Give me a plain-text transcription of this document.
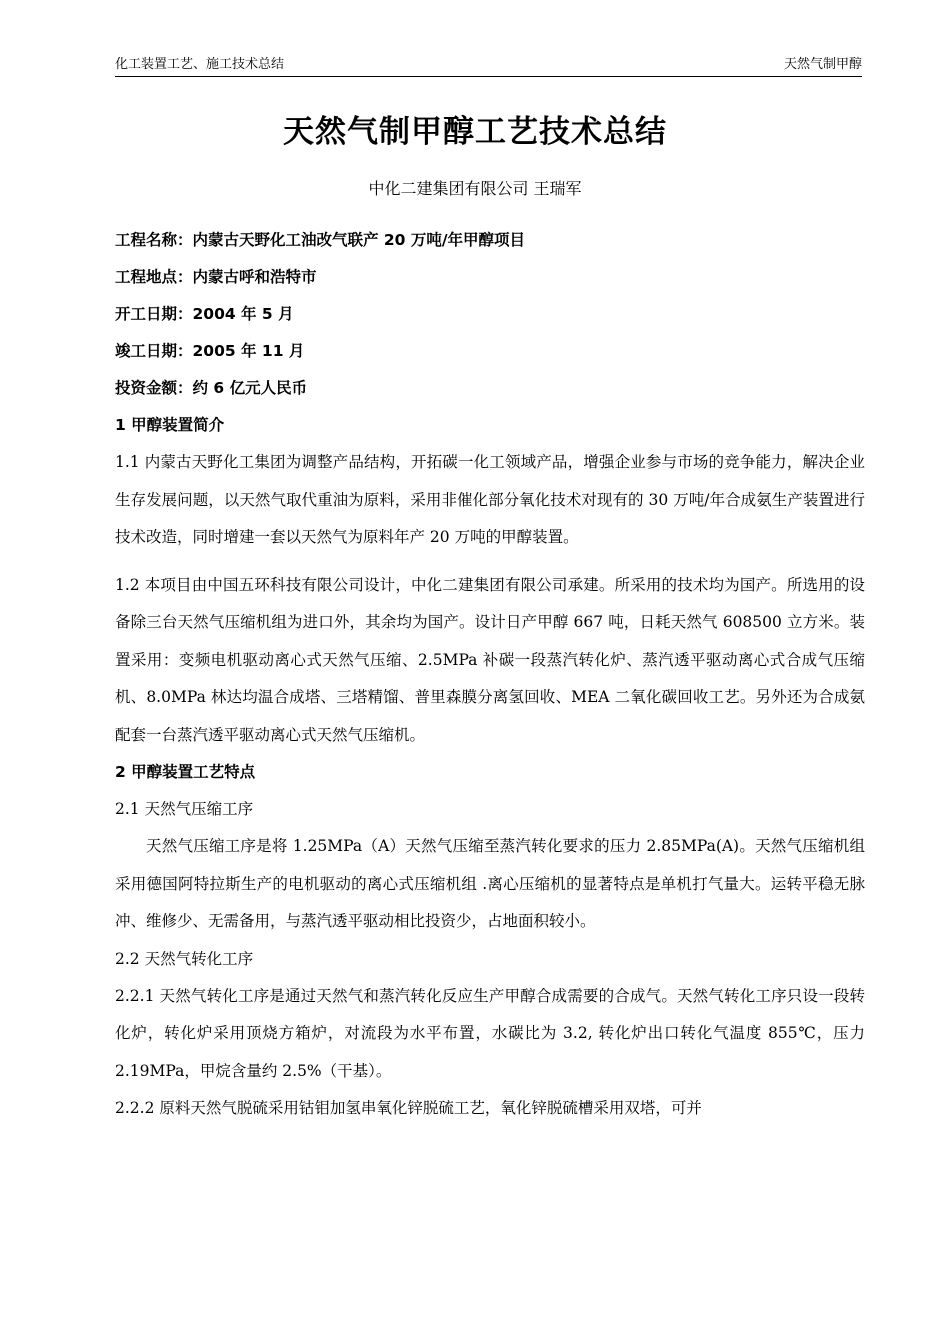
化工装置工艺、施工技术总结	天然气制甲醇
天然气制甲醇工艺技术总结
中化二建集团有限公司 王瑞军
工程名称：内蒙古天野化工油改气联产 20 万吨/年甲醇项目
工程地点：内蒙古呼和浩特市
开工日期：2004 年 5 月
竣工日期：2005 年 11 月
投资金额：约 6 亿元人民币
1 甲醇装置简介

1.1 内蒙古天野化工集团为调整产品结构，开拓碳一化工领域产品，增强企业参与市场的竞争能力，解决企业生存发展问题，以天然气取代重油为原料，采用非催化部分氧化技术对现有的 30 万吨/年合成氨生产装置进行技术改造，同时增建一套以天然气为原料年产 20 万吨的甲醇装置。

1.2 本项目由中国五环科技有限公司设计，中化二建集团有限公司承建。所采用的技术均为国产。所选用的设备除三台天然气压缩机组为进口外，其余均为国产。设计日产甲醇 667 吨，日耗天然气 608500 立方米。装置采用：变频电机驱动离心式天然气压缩、2.5MPa 补碳一段蒸汽转化炉、蒸汽透平驱动离心式合成气压缩机、8.0MPa 林达均温合成塔、三塔精馏、普里森膜分离氢回收、MEA 二氧化碳回收工艺。另外还为合成氨配套一台蒸汽透平驱动离心式天然气压缩机。

2 甲醇装置工艺特点
2.1 天然气压缩工序

天然气压缩工序是将 1.25MPa（A）天然气压缩至蒸汽转化要求的压力 2.85MPa(A)。天然气压缩机组采用德国阿特拉斯生产的电机驱动的离心式压缩机组 .离心压缩机的显著特点是单机打气量大。运转平稳无脉冲、维修少、无需备用，与蒸汽透平驱动相比投资少，占地面积较小。

2.2 天然气转化工序

2.2.1 天然气转化工序是通过天然气和蒸汽转化反应生产甲醇合成需要的合成气。天然气转化工序只设一段转化炉，转化炉采用顶烧方箱炉，对流段为水平布置，水碳比为 3.2, 转化炉出口转化气温度 855℃，压力 2.19MPa，甲烷含量约 2.5%（干基）。

2.2.2 原料天然气脱硫采用钴钼加氢串氧化锌脱硫工艺，氧化锌脱硫槽采用双塔，可并
